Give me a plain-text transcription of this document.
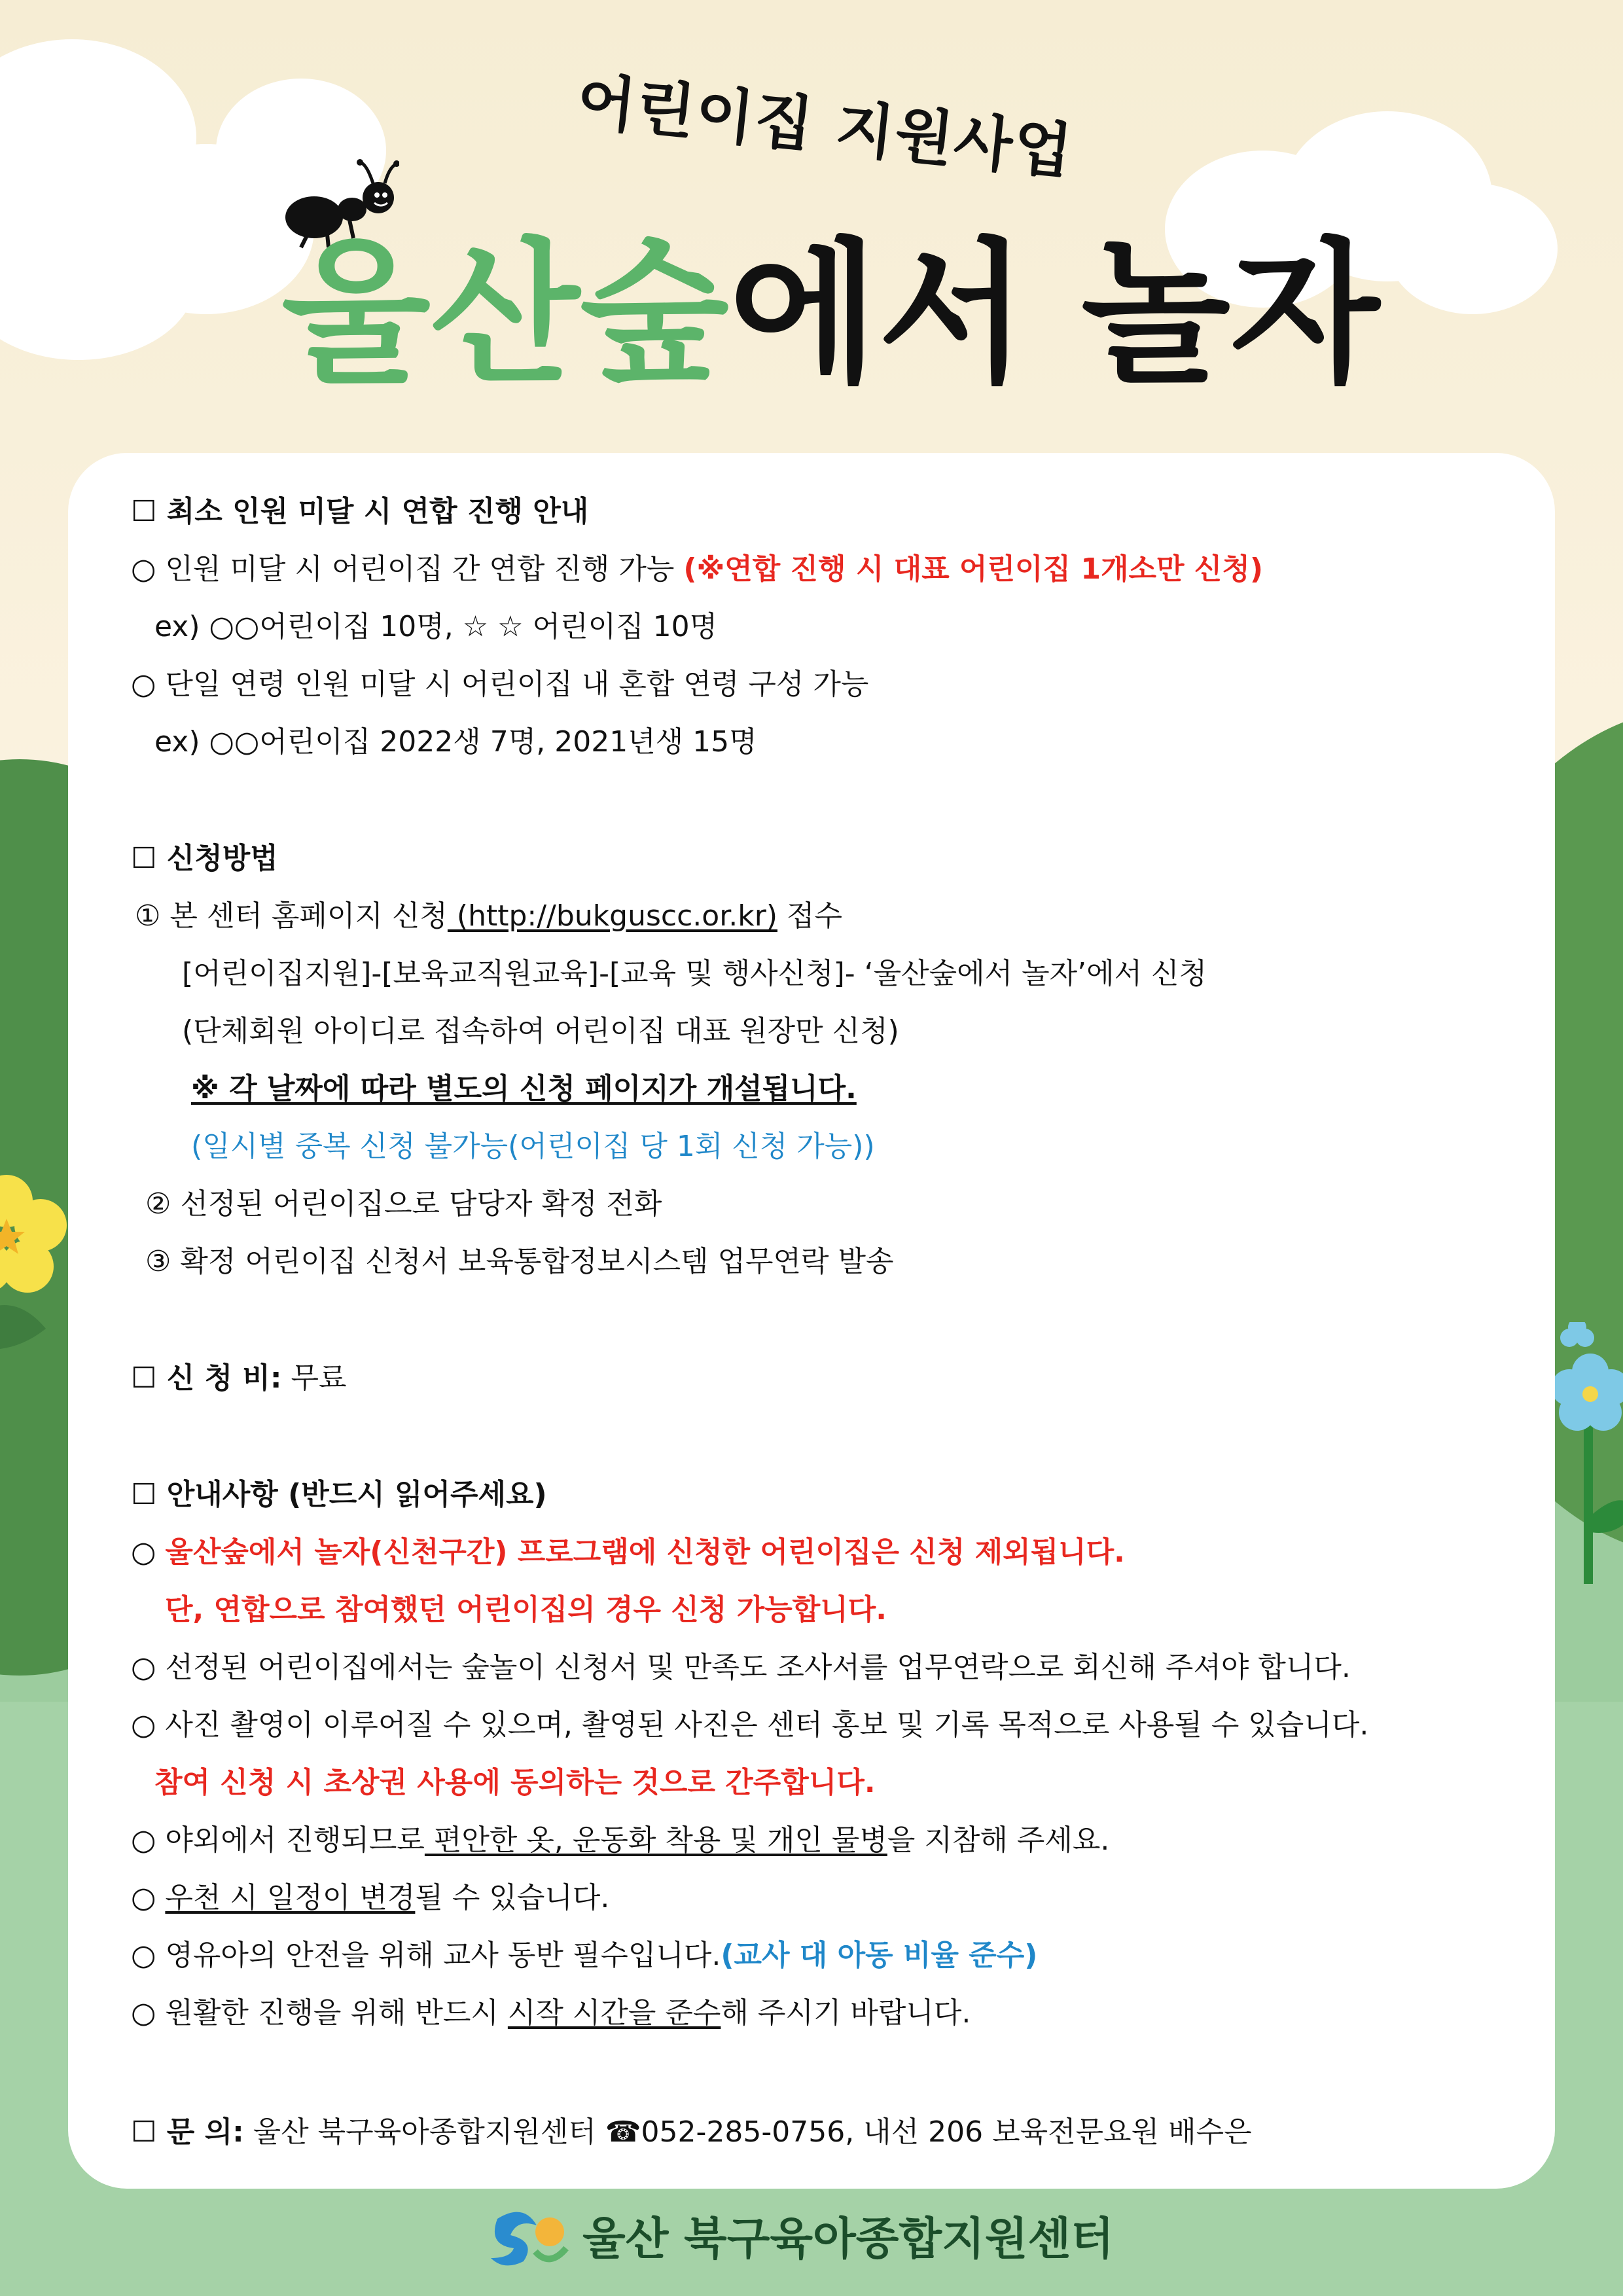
어린이집 지원사업
울산숲에서 놀자
☐ 최소 인원 미달 시 연합 진행 안내
○ 인원 미달 시 어린이집 간 연합 진행 가능 (※연합 진행 시 대표 어린이집 1개소만 신청)
ex) ○○어린이집 10명, ☆ ☆ 어린이집 10명
○ 단일 연령 인원 미달 시 어린이집 내 혼합 연령 구성 가능
ex) ○○어린이집 2022생 7명, 2021년생 15명
☐ 신청방법
① 본 센터 홈페이지 신청 (http://bukguscc.or.kr) 접수
[어린이집지원]-[보육교직원교육]-[교육 및 행사신청]- ‘울산숲에서 놀자’에서 신청
(단체회원 아이디로 접속하여 어린이집 대표 원장만 신청)
※ 각 날짜에 따라 별도의 신청 페이지가 개설됩니다.
(일시별 중복 신청 불가능(어린이집 당 1회 신청 가능))
② 선정된 어린이집으로 담당자 확정 전화
③ 확정 어린이집 신청서 보육통합정보시스템 업무연락 발송
☐ 신 청 비: 무료
☐ 안내사항 (반드시 읽어주세요)
○ 울산숲에서 놀자(신천구간) 프로그램에 신청한 어린이집은 신청 제외됩니다.
단, 연합으로 참여했던 어린이집의 경우 신청 가능합니다.
○ 선정된 어린이집에서는 숲놀이 신청서 및 만족도 조사서를 업무연락으로 회신해 주셔야 합니다.
○ 사진 촬영이 이루어질 수 있으며, 촬영된 사진은 센터 홍보 및 기록 목적으로 사용될 수 있습니다.
참여 신청 시 초상권 사용에 동의하는 것으로 간주합니다.
○ 야외에서 진행되므로 편안한 옷, 운동화 착용 및 개인 물병을 지참해 주세요.
○ 우천 시 일정이 변경될 수 있습니다.
○ 영유아의 안전을 위해 교사 동반 필수입니다.(교사 대 아동 비율 준수)
○ 원활한 진행을 위해 반드시 시작 시간을 준수해 주시기 바랍니다.
☐ 문 의: 울산 북구육아종합지원센터 ☎052-285-0756, 내선 206 보육전문요원 배수은
울산 북구육아종합지원센터
